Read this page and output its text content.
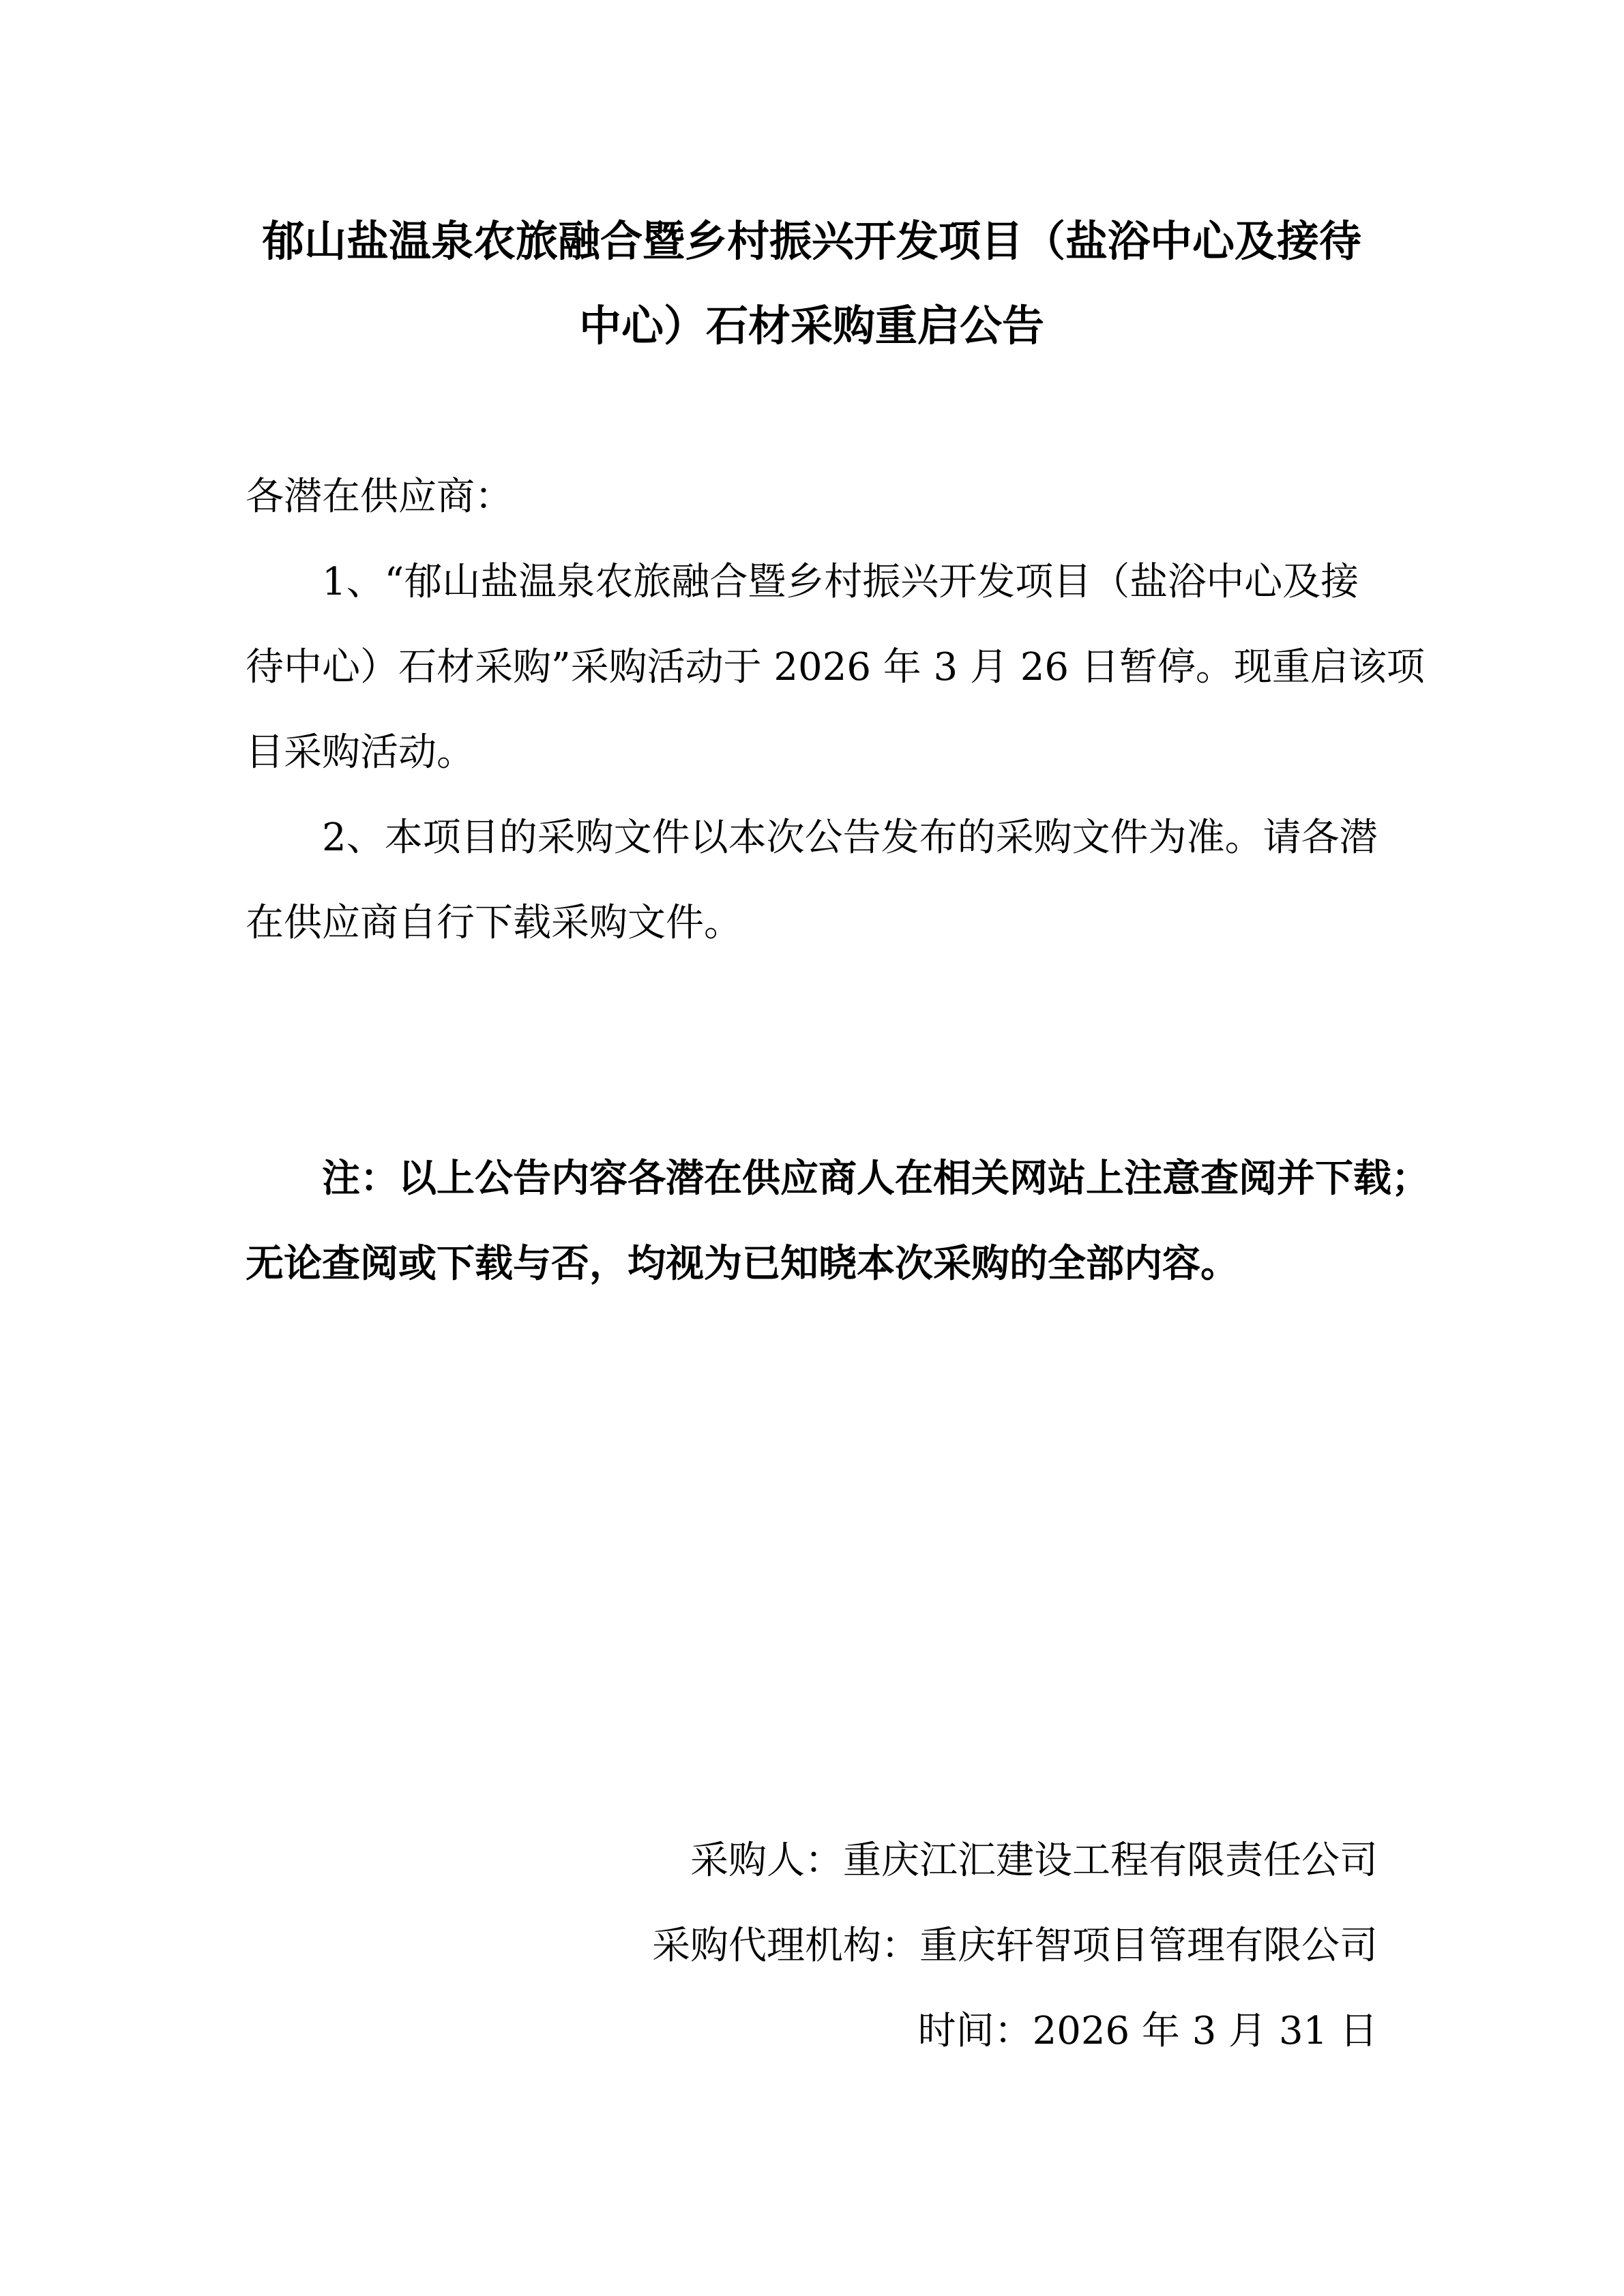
郁山盐温泉农旅融合暨乡村振兴开发项目（盐浴中心及接待
中心）石材采购重启公告
各潜在供应商：
1、“郁山盐温泉农旅融合暨乡村振兴开发项目（盐浴中心及接
待中心）石材采购”采购活动于 2026 年 3 月 26 日暂停。现重启该项
目采购活动。
2、本项目的采购文件以本次公告发布的采购文件为准。请各潜
在供应商自行下载采购文件。
注：以上公告内容各潜在供应商人在相关网站上注意查阅并下载；
无论查阅或下载与否，均视为已知晓本次采购的全部内容。
采购人：重庆江汇建设工程有限责任公司
采购代理机构：重庆轩智项目管理有限公司
时间：2026 年 3 月 31 日
